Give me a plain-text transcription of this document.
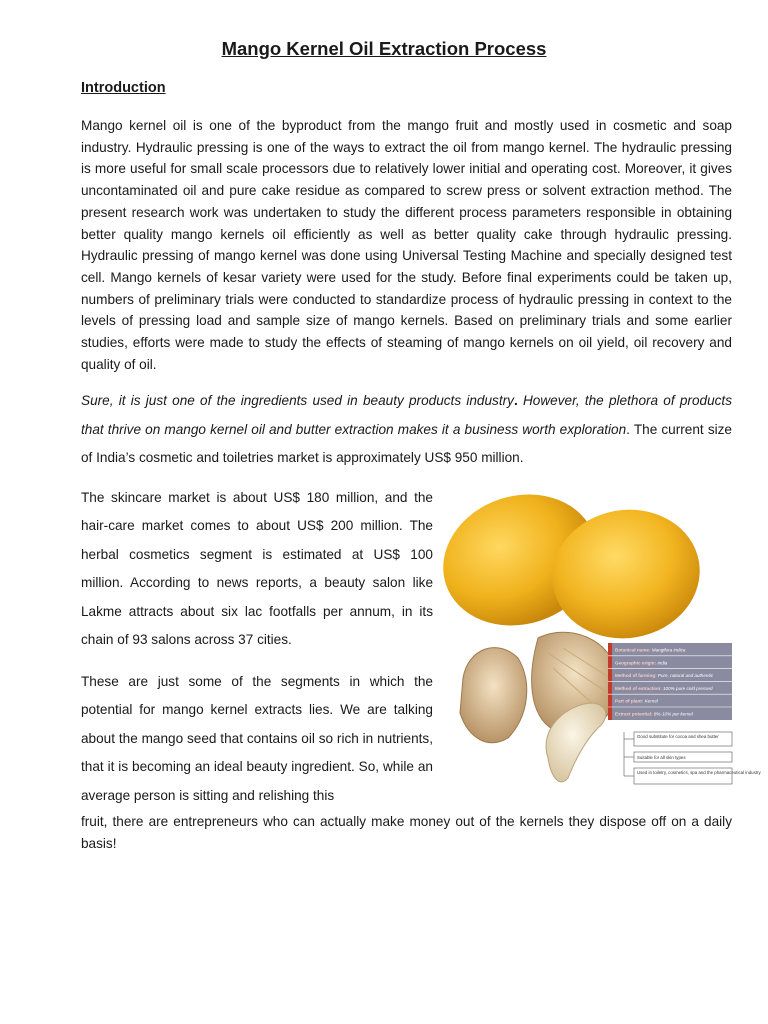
Mango Kernel Oil Extraction Process
Introduction

Mango kernel oil is one of the byproduct from the mango fruit and mostly used in cosmetic and soap industry. Hydraulic pressing is one of the ways to extract the oil from mango kernel. The hydraulic pressing is more useful for small scale processors due to relatively lower initial and operating cost. Moreover, it gives uncontaminated oil and pure cake residue as compared to screw press or solvent extraction method. The present research work was undertaken to study the different process parameters responsible in obtaining better quality mango kernels oil efficiently as well as better quality cake through hydraulic pressing. Hydraulic pressing of mango kernel was done using Universal Testing Machine and specially designed test cell. Mango kernels of kesar variety were used for the study. Before final experiments could be taken up, numbers of preliminary trials were conducted to standardize process of hydraulic pressing in context to the levels of pressing load and sample size of mango kernels. Based on preliminary trials and some earlier studies, efforts were made to study the effects of steaming of mango kernels on oil yield, oil recovery and quality of oil.

Sure, it is just one of the ingredients used in beauty products industry. However, the plethora of products that thrive on mango kernel oil and butter extraction makes it a business worth exploration. The current size of India’s cosmetic and toiletries market is approximately US$ 950 million.

The skincare market is about US$ 180 million, and the hair-care market comes to about US$ 200 million. The herbal cosmetics segment is estimated at US$ 100 million. According to news reports, a beauty salon like Lakme attracts about six lac footfalls per annum, in its chain of 93 salons across 37 cities.

These are just some of the segments in which the potential for mango kernel extracts lies. We are talking about the mango seed that contains oil so rich in nutrients, that it is becoming an ideal beauty ingredient. So, while an average person is sitting and relishing this

fruit, there are entrepreneurs who can actually make money out of the kernels they dispose off on a daily basis!

Botanical name: Mangifera indica
Geographic origin: India
Method of farming: Pure, natural and authentic
Method of extraction: 100% pure cold pressed
Part of plant: Kernel
Extract potential: 8%-10% per kernel
Good substitute for cocoa and shea butter
Suitable for all skin types
Used in toiletry, cosmetics, spa and the pharmaceutical industry
